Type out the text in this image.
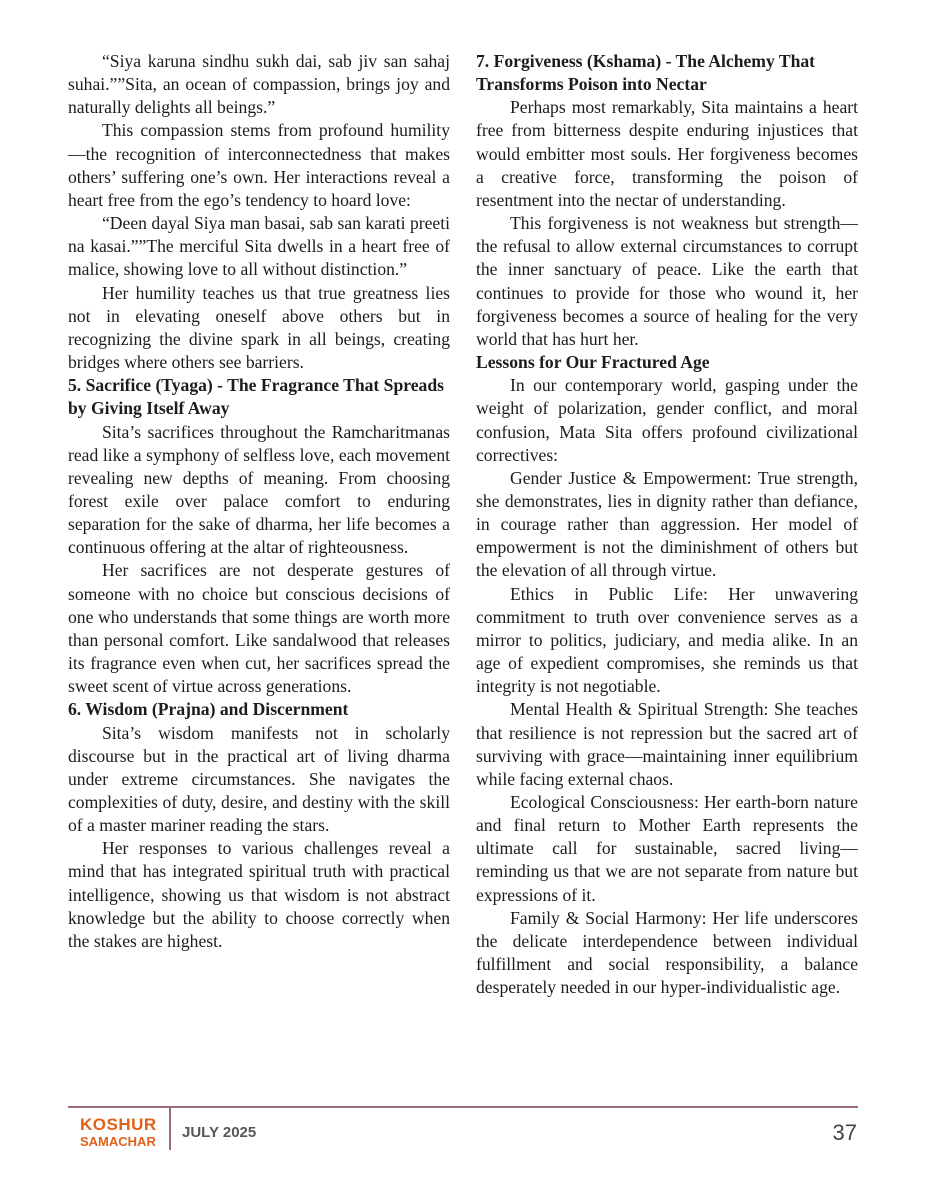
“Siya karuna sindhu sukh dai, sab jiv san sahaj suhai.””Sita, an ocean of compassion, brings joy and naturally delights all beings.”

This compassion stems from profound humility—the recognition of interconnectedness that makes others’ suffering one’s own. Her interactions reveal a heart free from the ego’s tendency to hoard love:

“Deen dayal Siya man basai, sab san karati preeti na kasai.””The merciful Sita dwells in a heart free of malice, showing love to all without distinction.”

Her humility teaches us that true greatness lies not in elevating oneself above others but in recognizing the divine spark in all beings, creating bridges where others see barriers.

5. Sacrifice (Tyaga) - The Fragrance That Spreads by Giving Itself Away

Sita’s sacrifices throughout the Ramcharitmanas read like a symphony of selfless love, each movement revealing new depths of meaning. From choosing forest exile over palace comfort to enduring separation for the sake of dharma, her life becomes a continuous offering at the altar of righteousness.

Her sacrifices are not desperate gestures of someone with no choice but conscious decisions of one who understands that some things are worth more than personal comfort. Like sandalwood that releases its fragrance even when cut, her sacrifices spread the sweet scent of virtue across generations.

6. Wisdom (Prajna) and Discernment

Sita’s wisdom manifests not in scholarly discourse but in the practical art of living dharma under extreme circumstances. She navigates the complexities of duty, desire, and destiny with the skill of a master mariner reading the stars.

Her responses to various challenges reveal a mind that has integrated spiritual truth with practical intelligence, showing us that wisdom is not abstract knowledge but the ability to choose correctly when the stakes are highest.

7. Forgiveness (Kshama) - The Alchemy That Transforms Poison into Nectar

Perhaps most remarkably, Sita maintains a heart free from bitterness despite enduring injustices that would embitter most souls. Her forgiveness becomes a creative force, transforming the poison of resentment into the nectar of understanding.

This forgiveness is not weakness but strength—the refusal to allow external circumstances to corrupt the inner sanctuary of peace. Like the earth that continues to provide for those who wound it, her forgiveness becomes a source of healing for the very world that has hurt her.

Lessons for Our Fractured Age

In our contemporary world, gasping under the weight of polarization, gender conflict, and moral confusion, Mata Sita offers profound civilizational correctives:

Gender Justice & Empowerment: True strength, she demonstrates, lies in dignity rather than defiance, in courage rather than aggression. Her model of empowerment is not the diminishment of others but the elevation of all through virtue.

Ethics in Public Life: Her unwavering commitment to truth over convenience serves as a mirror to politics, judiciary, and media alike. In an age of expedient compromises, she reminds us that integrity is not negotiable.

Mental Health & Spiritual Strength: She teaches that resilience is not repression but the sacred art of surviving with grace—maintaining inner equilibrium while facing external chaos.

Ecological Consciousness: Her earth-born nature and final return to Mother Earth represents the ultimate call for sustainable, sacred living—reminding us that we are not separate from nature but expressions of it.

Family & Social Harmony: Her life underscores the delicate interdependence between individual fulfillment and social responsibility, a balance desperately needed in our hyper-individualistic age.

KOSHUR
SAMACHAR
JULY 2025	37
